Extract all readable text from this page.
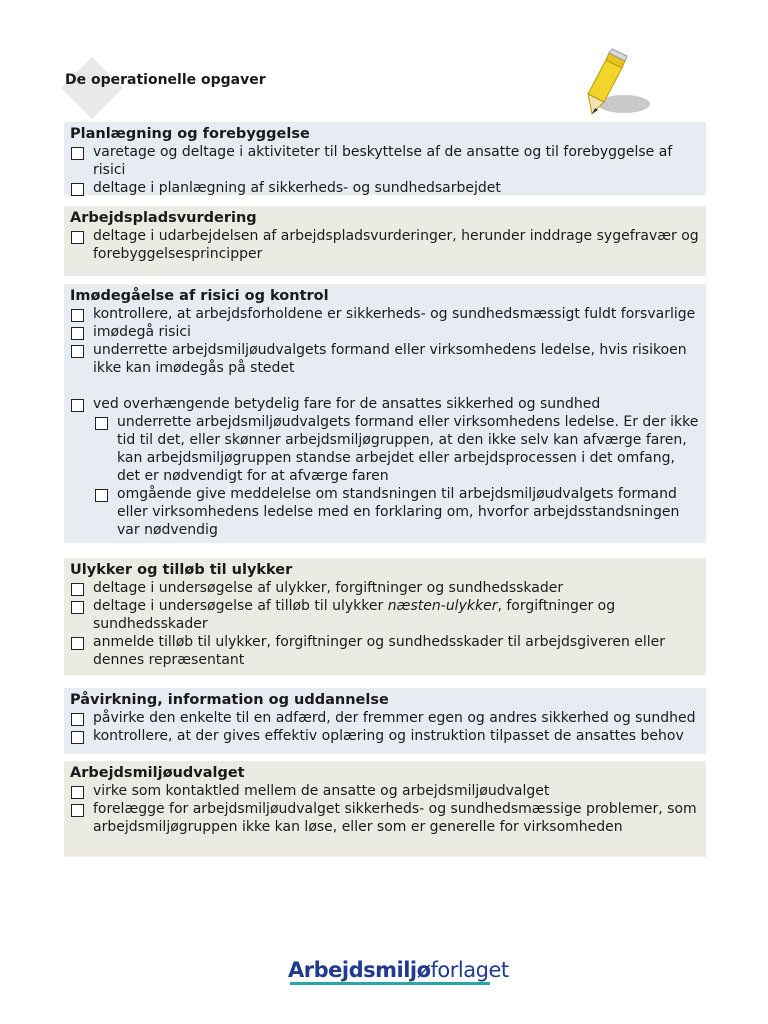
De operationelle opgaver
Planlægning og forebyggelse
varetage og deltage i aktiviteter til beskyttelse af de ansatte og til forebyggelse af risici
deltage i planlægning af sikkerheds- og sundhedsarbejdet
Arbejdspladsvurdering
deltage i udarbejdelsen af arbejdspladsvurderinger, herunder inddrage sygefravær og forebyggelsesprincipper
Imødegåelse af risici og kontrol
kontrollere, at arbejdsforholdene er sikkerheds- og sundhedsmæssigt fuldt forsvarlige
imødegå risici
underrette arbejdsmiljøudvalgets formand eller virksomhedens ledelse, hvis risikoen ikke kan imødegås på stedet
ved overhængende betydelig fare for de ansattes sikkerhed og sundhed
underrette arbejdsmiljøudvalgets formand eller virksomhedens ledelse. Er der ikke tid til det, eller skønner arbejdsmiljøgruppen, at den ikke selv kan afværge faren, kan arbejdsmiljøgruppen standse arbejdet eller arbejdsprocessen i det omfang, det er nødvendigt for at afværge faren
omgående give meddelelse om standsningen til arbejdsmiljøudvalgets formand eller virksomhedens ledelse med en forklaring om, hvorfor arbejdsstandsningen var nødvendig
Ulykker og tilløb til ulykker
deltage i undersøgelse af ulykker, forgiftninger og sundhedsskader
deltage i undersøgelse af tilløb til ulykker næsten-ulykker, forgiftninger og sundhedsskader
anmelde tilløb til ulykker, forgiftninger og sundhedsskader til arbejdsgiveren eller dennes repræsentant
Påvirkning, information og uddannelse
påvirke den enkelte til en adfærd, der fremmer egen og andres sikkerhed og sundhed
kontrollere, at der gives effektiv oplæring og instruktion tilpasset de ansattes behov
Arbejdsmiljøudvalget
virke som kontaktled mellem de ansatte og arbejdsmiljøudvalget
forelægge for arbejdsmiljøudvalget sikkerheds- og sundhedsmæssige problemer, som arbejdsmiljøgruppen ikke kan løse, eller som er generelle for virksomheden
Arbejdsmiljøforlaget
